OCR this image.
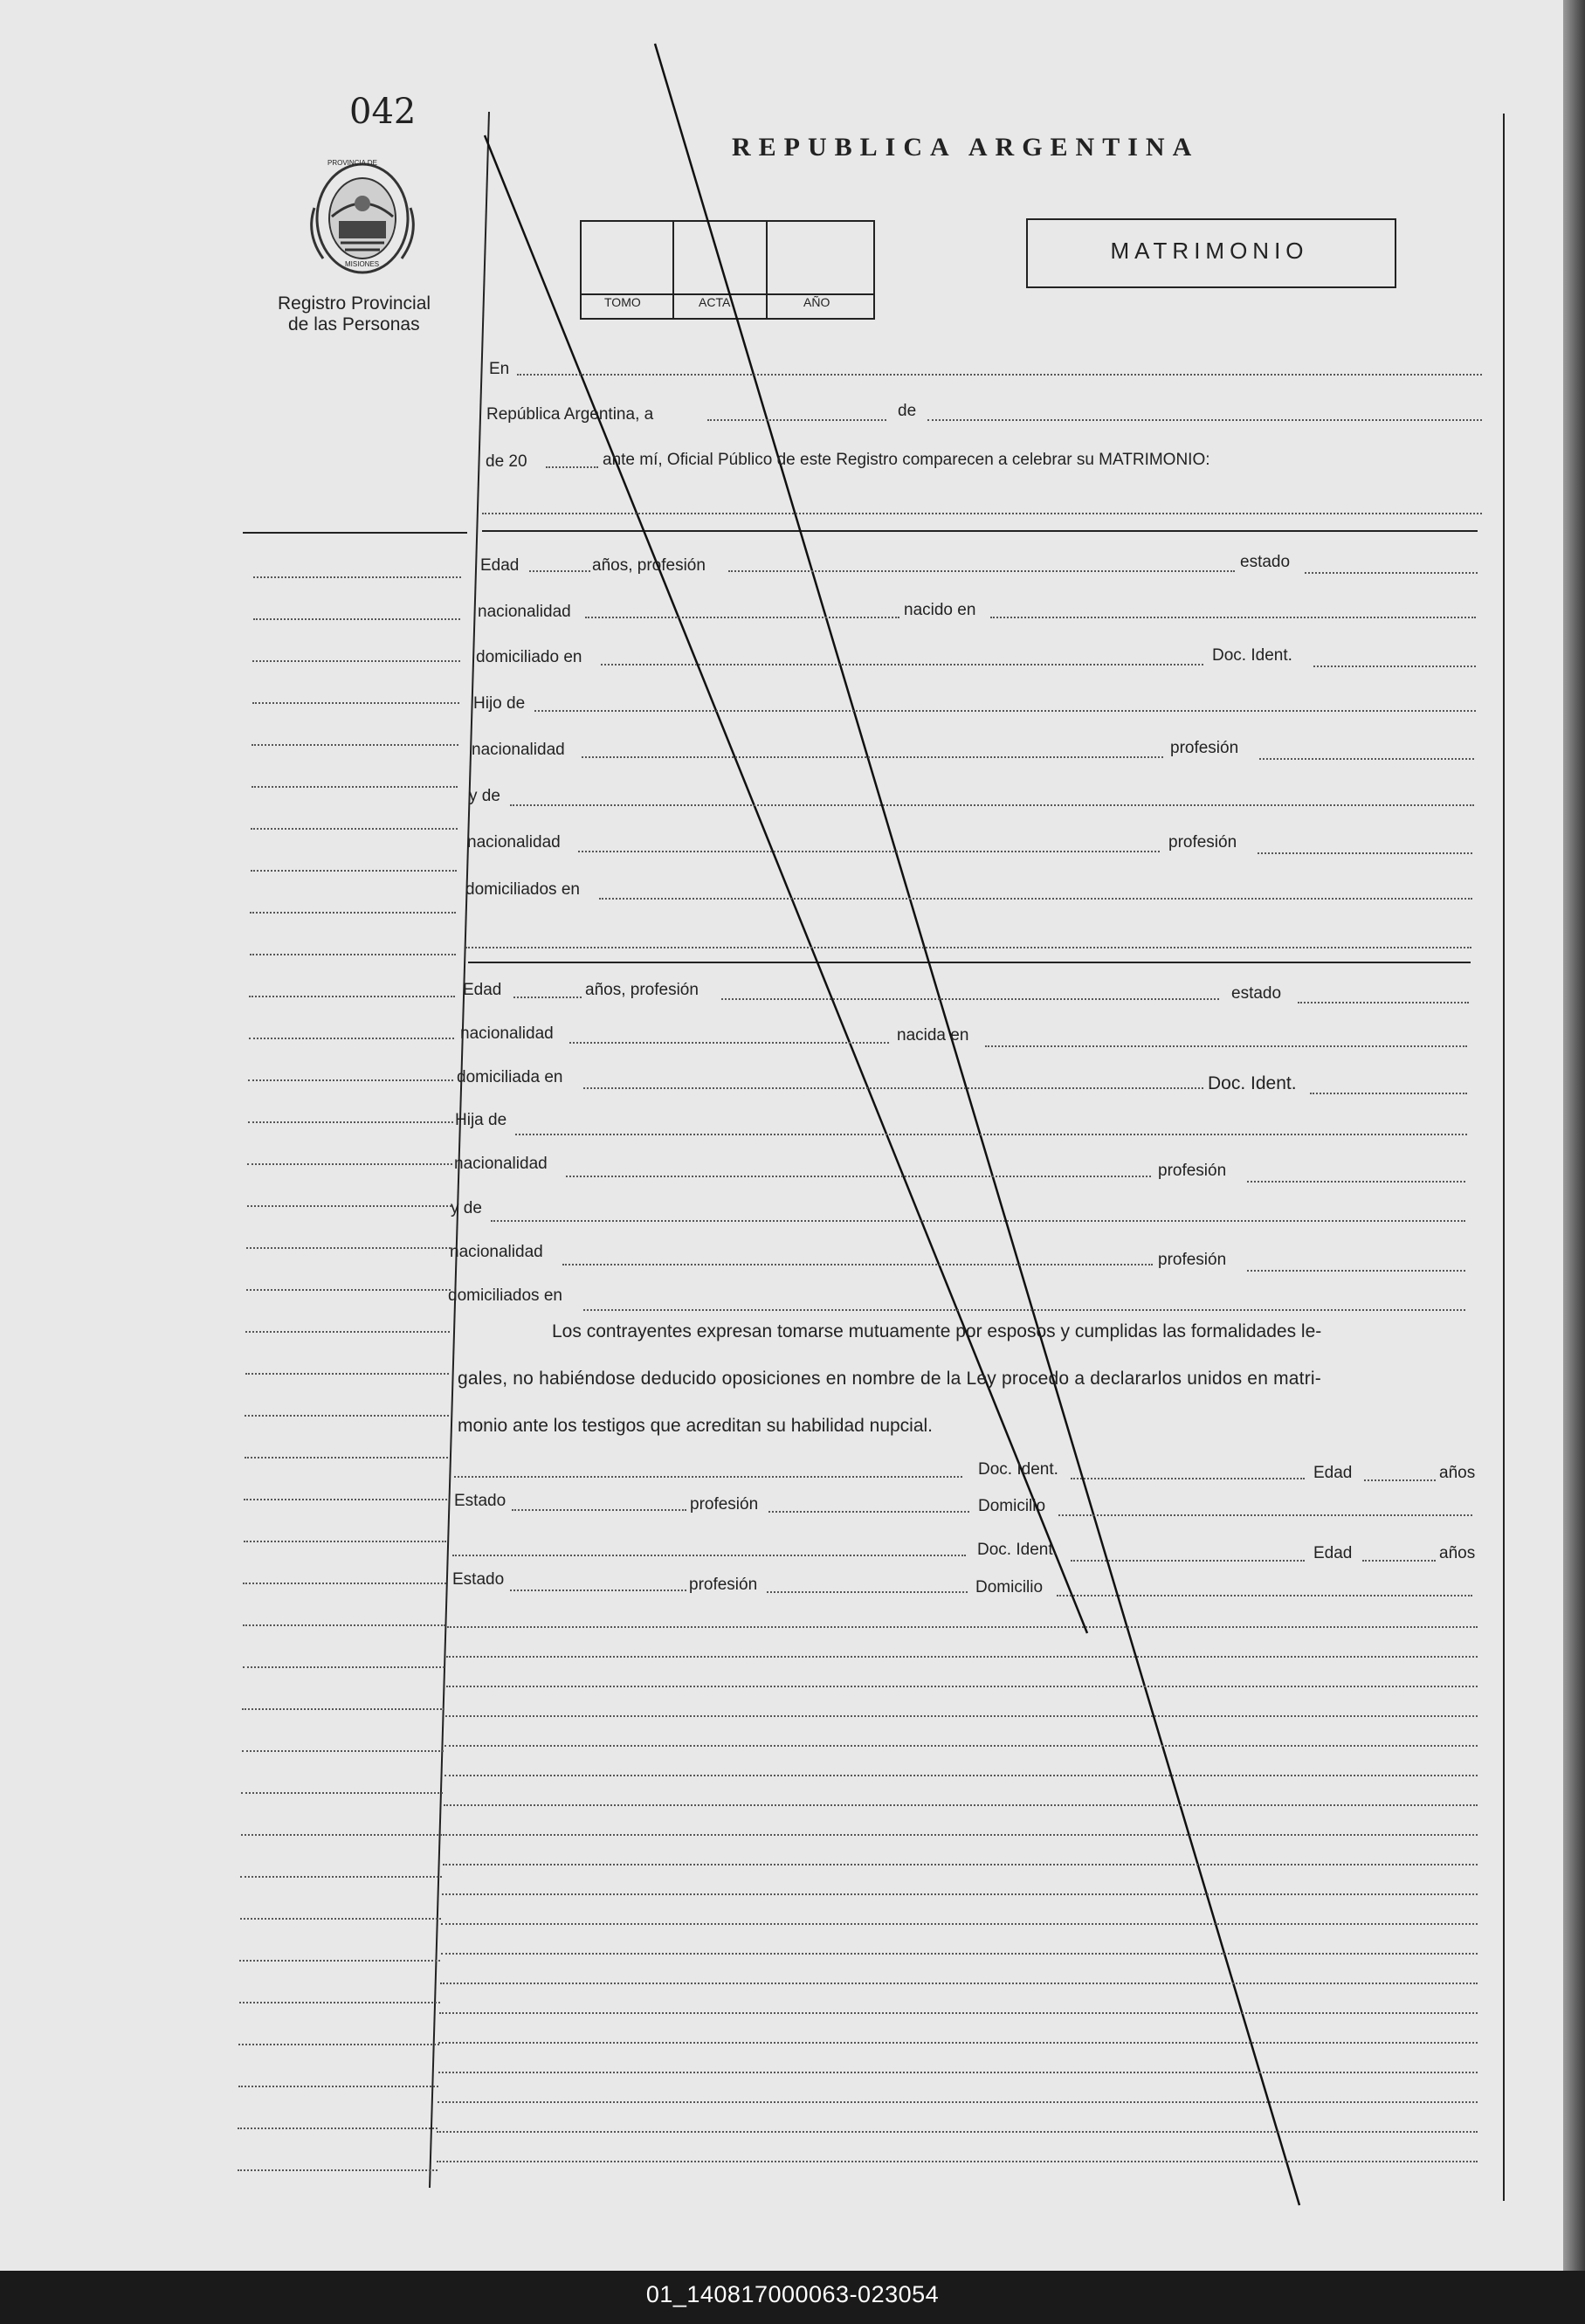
042
PROVINCIA DE
MISIONES
Registro Provincial
de las Personas
REPUBLICA ARGENTINA
TOMO	ACTA	AÑO
MATRIMONIO
En
República Argentina, a	de
de 20	ante mí, Oficial Público de este Registro comparecen a celebrar su MATRIMONIO:
Edad	años, profesión	estado
nacionalidad	nacido en
domiciliado en	Doc. Ident.
Hijo de
nacionalidad	profesión
y de
nacionalidad	profesión
domiciliados en
Edad	años, profesión	estado
nacionalidad	nacida en
domiciliada en	Doc. Ident.
Hija de
nacionalidad	profesión
y de
nacionalidad	profesión
domiciliados en
Los contrayentes expresan tomarse mutuamente por esposos y cumplidas las formalidades le-
gales, no habiéndose deducido oposiciones en nombre de la Ley procedo a declararlos unidos en matri-
monio ante los testigos que acreditan su habilidad nupcial.
Doc. Ident.	Edad	años
Estado	profesión	Domicilio
Doc. Ident.	Edad	años
Estado	profesión	Domicilio
01_140817000063-023054
